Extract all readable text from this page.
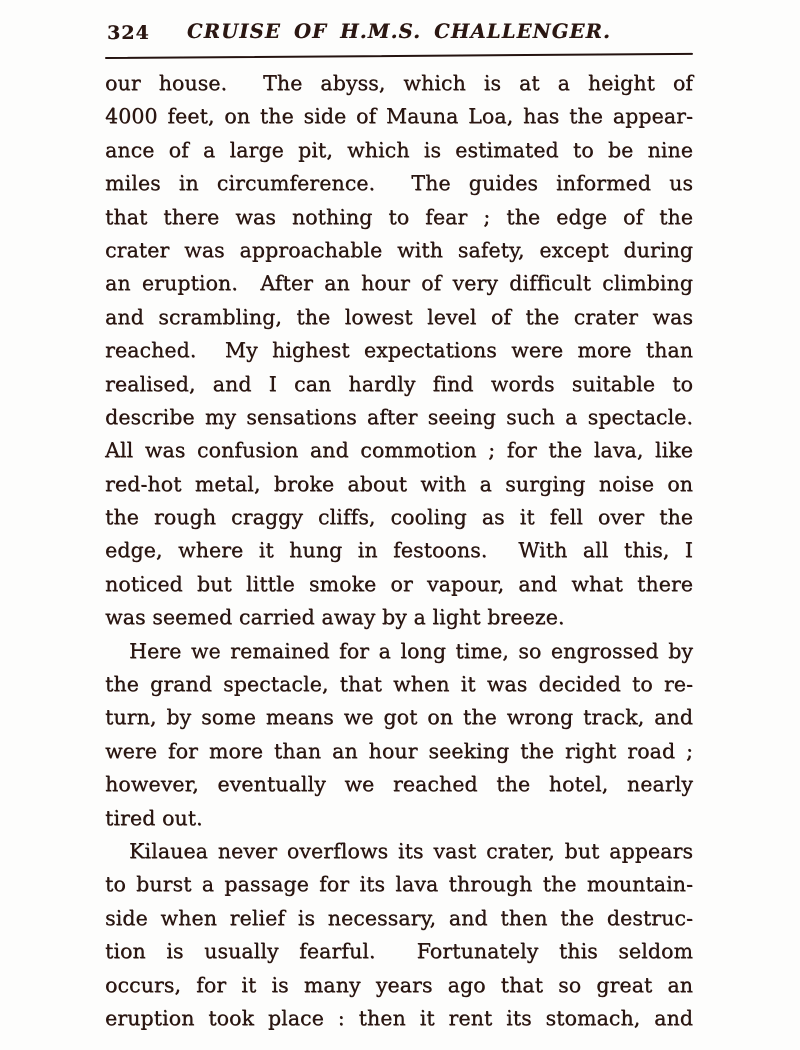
324	CRUISE OF H.M.S. CHALLENGER.
our house.  The abyss, which is at a height of
4000 feet, on the side of Mauna Loa, has the appear-
ance of a large pit, which is estimated to be nine
miles in circumference.  The guides informed us
that there was nothing to fear ; the edge of the
crater was approachable with safety, except during
an eruption.  After an hour of very difficult climbing
and scrambling, the lowest level of the crater was
reached.  My highest expectations were more than
realised, and I can hardly find words suitable to
describe my sensations after seeing such a spectacle.
All was confusion and commotion ; for the lava, like
red-hot metal, broke about with a surging noise on
the rough craggy cliffs, cooling as it fell over the
edge, where it hung in festoons.  With all this, I
noticed but little smoke or vapour, and what there
was seemed carried away by a light breeze.
Here we remained for a long time, so engrossed by
the grand spectacle, that when it was decided to re-
turn, by some means we got on the wrong track, and
were for more than an hour seeking the right road ;
however, eventually we reached the hotel, nearly
tired out.
Kilauea never overflows its vast crater, but appears
to burst a passage for its lava through the mountain-
side when relief is necessary, and then the destruc-
tion is usually fearful.  Fortunately this seldom
occurs, for it is many years ago that so great an
eruption took place : then it rent its stomach, and
